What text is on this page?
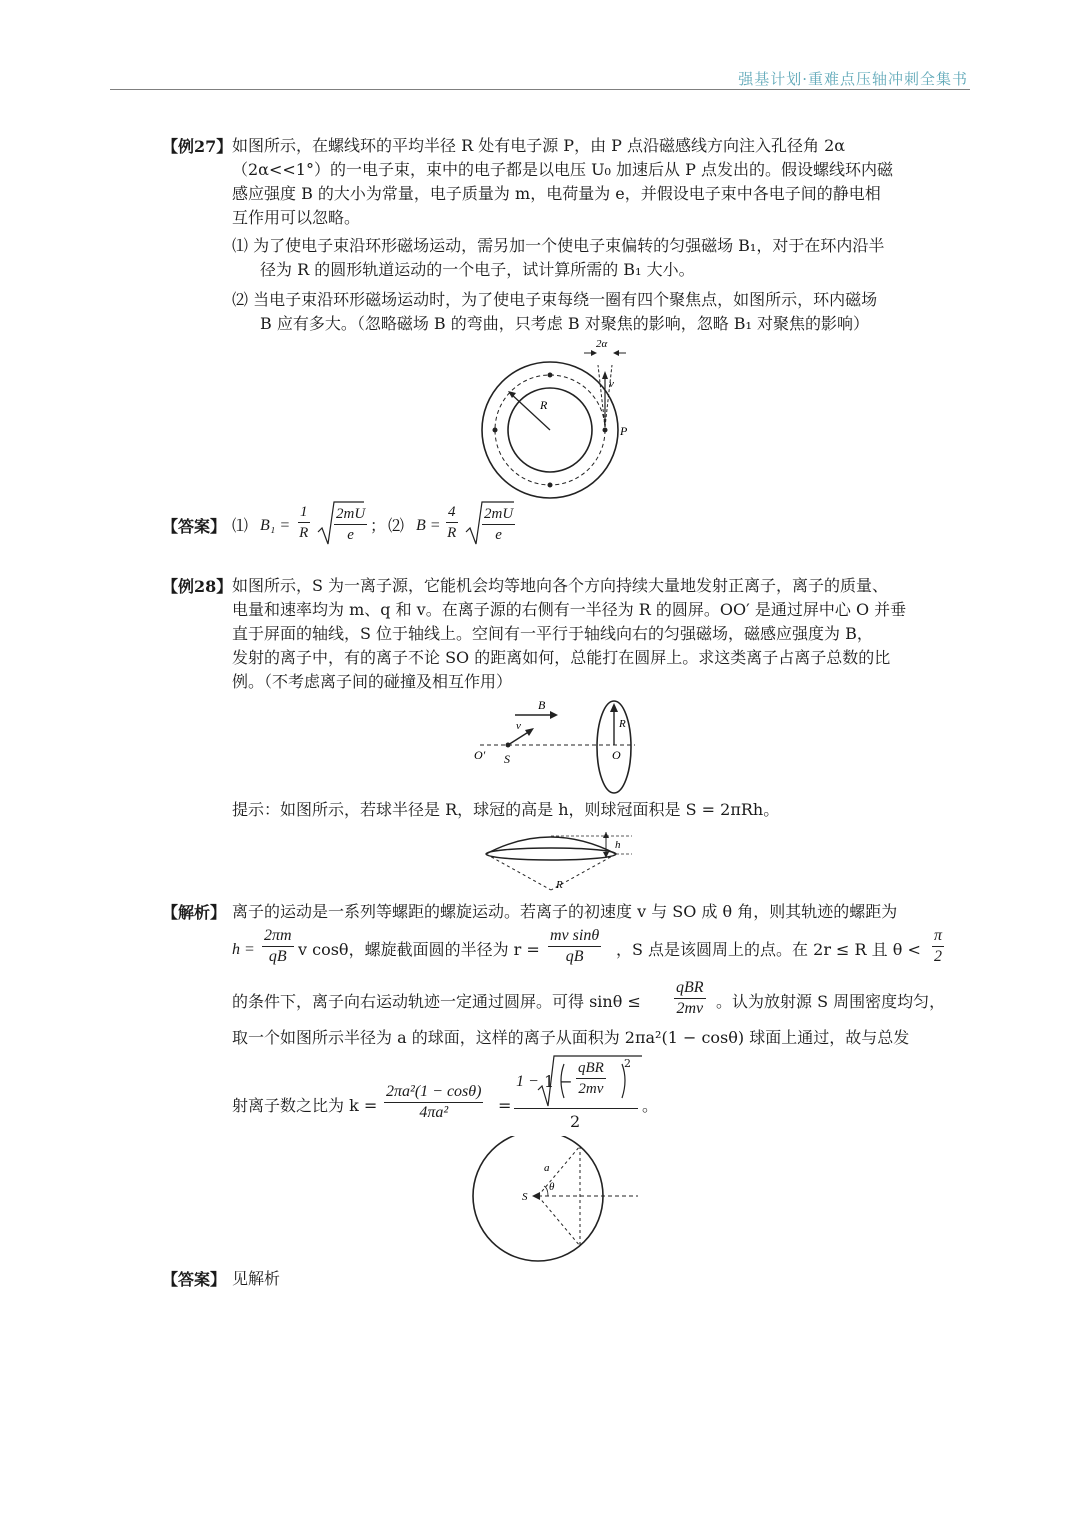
强基计划·重难点压轴冲刺全集书
【例27】 如图所示，在螺线环的平均半径 R 处有电子源 P，由 P 点沿磁感线方向注入孔径角 2α
（2α<<1°）的一电子束，束中的电子都是以电压 U₀ 加速后从 P 点发出的。假设螺线环内磁
感应强度 B 的大小为常量，电子质量为 m，电荷量为 e，并假设电子束中各电子间的静电相
互作用可以忽略。
⑴ 为了使电子束沿环形磁场运动，需另加一个使电子束偏转的匀强磁场 B₁，对于在环内沿半
径为 R 的圆形轨道运动的一个电子，试计算所需的 B₁ 大小。
⑵ 当电子束沿环形磁场运动时，为了使电子束每绕一圈有四个聚焦点，如图所示，环内磁场
B 应有多大。（忽略磁场 B 的弯曲，只考虑 B 对聚焦的影响，忽略 B₁ 对聚焦的影响）
R
v
2α
P
【答案】 ⑴ $B_1 = \frac{1}{R} \frac{2mU}{e}$ ； ⑵ $B = \frac{4}{R} \frac{2mU}{e}$
【例28】 如图所示，S 为一离子源，它能机会均等地向各个方向持续大量地发射正离子，离子的质量、
电量和速率均为 m、q 和 v。在离子源的右侧有一半径为 R 的圆屏。OO′ 是通过屏中心 O 并垂
直于屏面的轴线，S 位于轴线上。空间有一平行于轴线向右的匀强磁场，磁感应强度为 B，
发射的离子中，有的离子不论 SO 的距离如何，总能打在圆屏上。求这类离子占离子总数的比
例。（不考虑离子间的碰撞及相互作用）
B
v
O′ S
R
O
提示：如图所示，若球半径是 R，球冠的高是 h，则球冠面积是 S = 2πRh。
h
R
【解析】 离子的运动是一系列等螺距的螺旋运动。若离子的初速度 v 与 SO 成 θ 角，则其轨迹的螺距为
$h = \frac{2\pi m}{qB}$ v cosθ，螺旋截面圆的半径为 $r = \frac{\text{mv sinθ}}{qB}$ ，S 点是该圆周上的点。在 2r ≤ R 且 $\theta < \frac{\pi}{2}$
的条件下，离子向右运动轨迹一定通过圆屏。可得 sinθ ≤
qBR
2mv 。认为放射源 S 周围密度均匀，
取一个如图所示半径为 a 的球面，这样的离子从面积为 2πa²(1 − cosθ) 球面上通过，故与总发
射离子数之比为 $k = \frac{\text{2πa²(1 − cosθ)}}{\text{4πa²}}$ =
1 − 1 −
qBR
2mv
2
2
。
a
θ
S
【答案】 见解析
